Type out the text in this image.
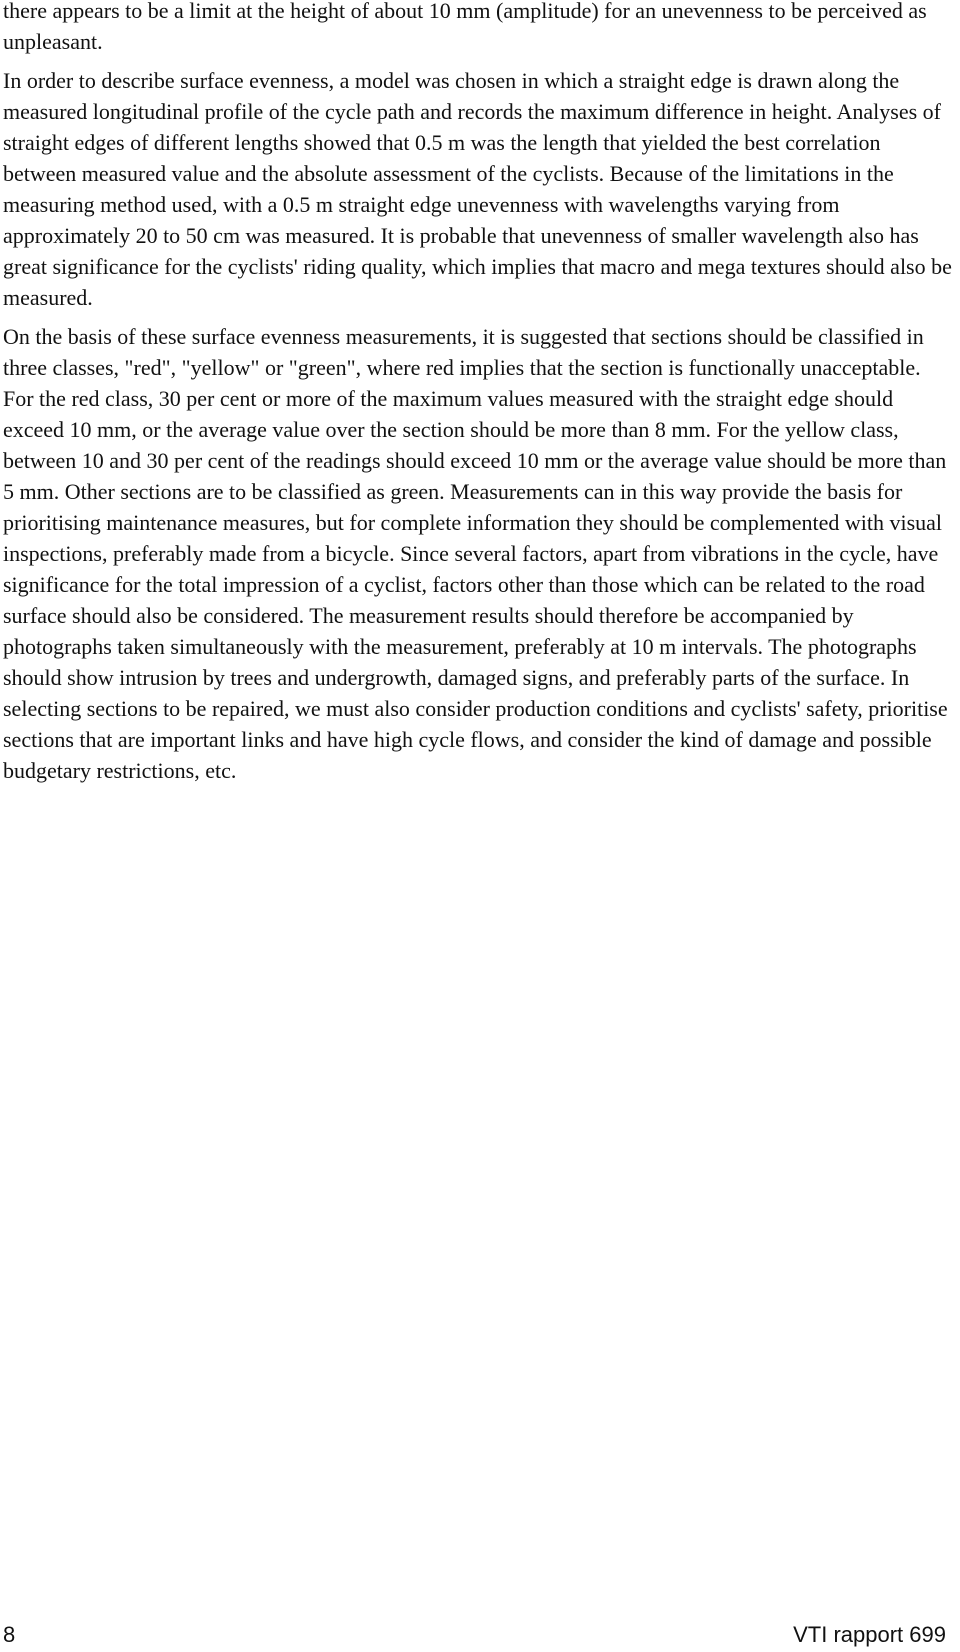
there appears to be a limit at the height of about 10 mm (amplitude) for an unevenness to be perceived as unpleasant.

In order to describe surface evenness, a model was chosen in which a straight edge is drawn along the measured longitudinal profile of the cycle path and records the maximum difference in height. Analyses of straight edges of different lengths showed that 0.5 m was the length that yielded the best correlation between measured value and the absolute assessment of the cyclists. Because of the limitations in the measuring method used, with a 0.5 m straight edge unevenness with wavelengths varying from approximately 20 to 50 cm was measured. It is probable that unevenness of smaller wavelength also has great significance for the cyclists' riding quality, which implies that macro and mega textures should also be measured.

On the basis of these surface evenness measurements, it is suggested that sections should be classified in three classes, "red", "yellow" or "green", where red implies that the section is functionally unacceptable. For the red class, 30 per cent or more of the maximum values measured with the straight edge should exceed 10 mm, or the average value over the section should be more than 8 mm. For the yellow class, between 10 and 30 per cent of the readings should exceed 10 mm or the average value should be more than 5 mm. Other sections are to be classified as green. Measurements can in this way provide the basis for prioritising maintenance measures, but for complete information they should be complemented with visual inspections, preferably made from a bicycle. Since several factors, apart from vibrations in the cycle, have significance for the total impression of a cyclist, factors other than those which can be related to the road surface should also be considered. The measurement results should therefore be accompanied by photographs taken simultaneously with the measurement, preferably at 10 m intervals. The photographs should show intrusion by trees and undergrowth, damaged signs, and preferably parts of the surface. In selecting sections to be repaired, we must also consider production conditions and cyclists' safety, prioritise sections that are important links and have high cycle flows, and consider the kind of damage and possible budgetary restrictions, etc.

8	VTI rapport 699
